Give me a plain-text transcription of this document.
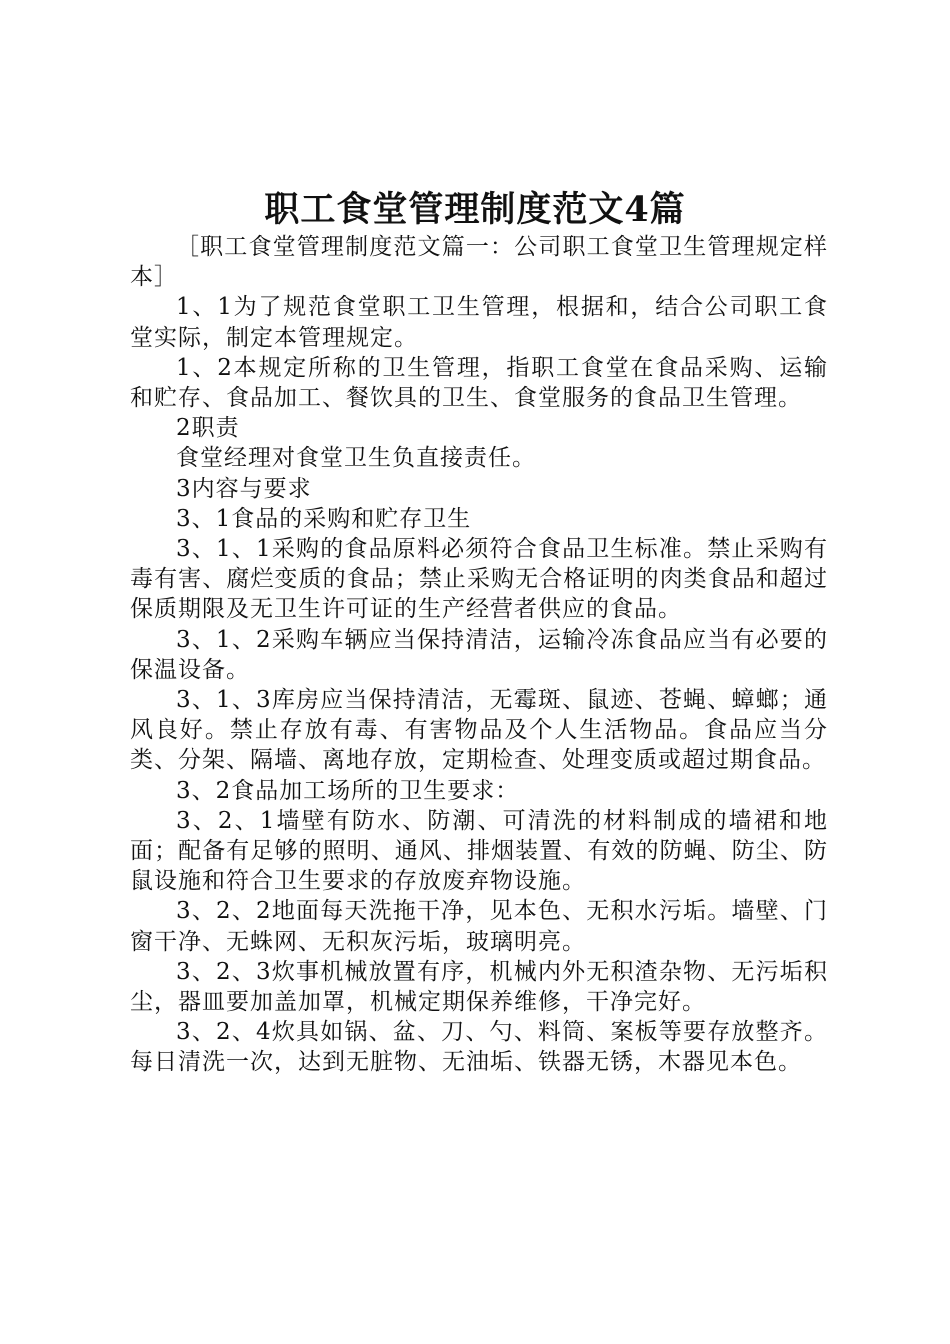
职工食堂管理制度范文4篇

［职工食堂管理制度范文篇一：公司职工食堂卫生管理规定样本］

1、1为了规范食堂职工卫生管理，根据和，结合公司职工食堂实际，制定本管理规定。

1、2本规定所称的卫生管理，指职工食堂在食品采购、运输和贮存、食品加工、餐饮具的卫生、食堂服务的食品卫生管理。

2职责

食堂经理对食堂卫生负直接责任。

3内容与要求

3、1食品的采购和贮存卫生

3、1、1采购的食品原料必须符合食品卫生标准。禁止采购有毒有害、腐烂变质的食品；禁止采购无合格证明的肉类食品和超过保质期限及无卫生许可证的生产经营者供应的食品。

3、1、2采购车辆应当保持清洁，运输冷冻食品应当有必要的保温设备。

3、1、3库房应当保持清洁，无霉斑、鼠迹、苍蝇、蟑螂；通风良好。禁止存放有毒、有害物品及个人生活物品。食品应当分类、分架、隔墙、离地存放，定期检查、处理变质或超过期食品。

3、2食品加工场所的卫生要求：

3、2、1墙壁有防水、防潮、可清洗的材料制成的墙裙和地面；配备有足够的照明、通风、排烟装置、有效的防蝇、防尘、防鼠设施和符合卫生要求的存放废弃物设施。

3、2、2地面每天洗拖干净，见本色、无积水污垢。墙壁、门窗干净、无蛛网、无积灰污垢，玻璃明亮。

3、2、3炊事机械放置有序，机械内外无积渣杂物、无污垢积尘，器皿要加盖加罩，机械定期保养维修，干净完好。

3、2、4炊具如锅、盆、刀、勺、料筒、案板等要存放整齐。每日清洗一次，达到无脏物、无油垢、铁器无锈，木器见本色。
